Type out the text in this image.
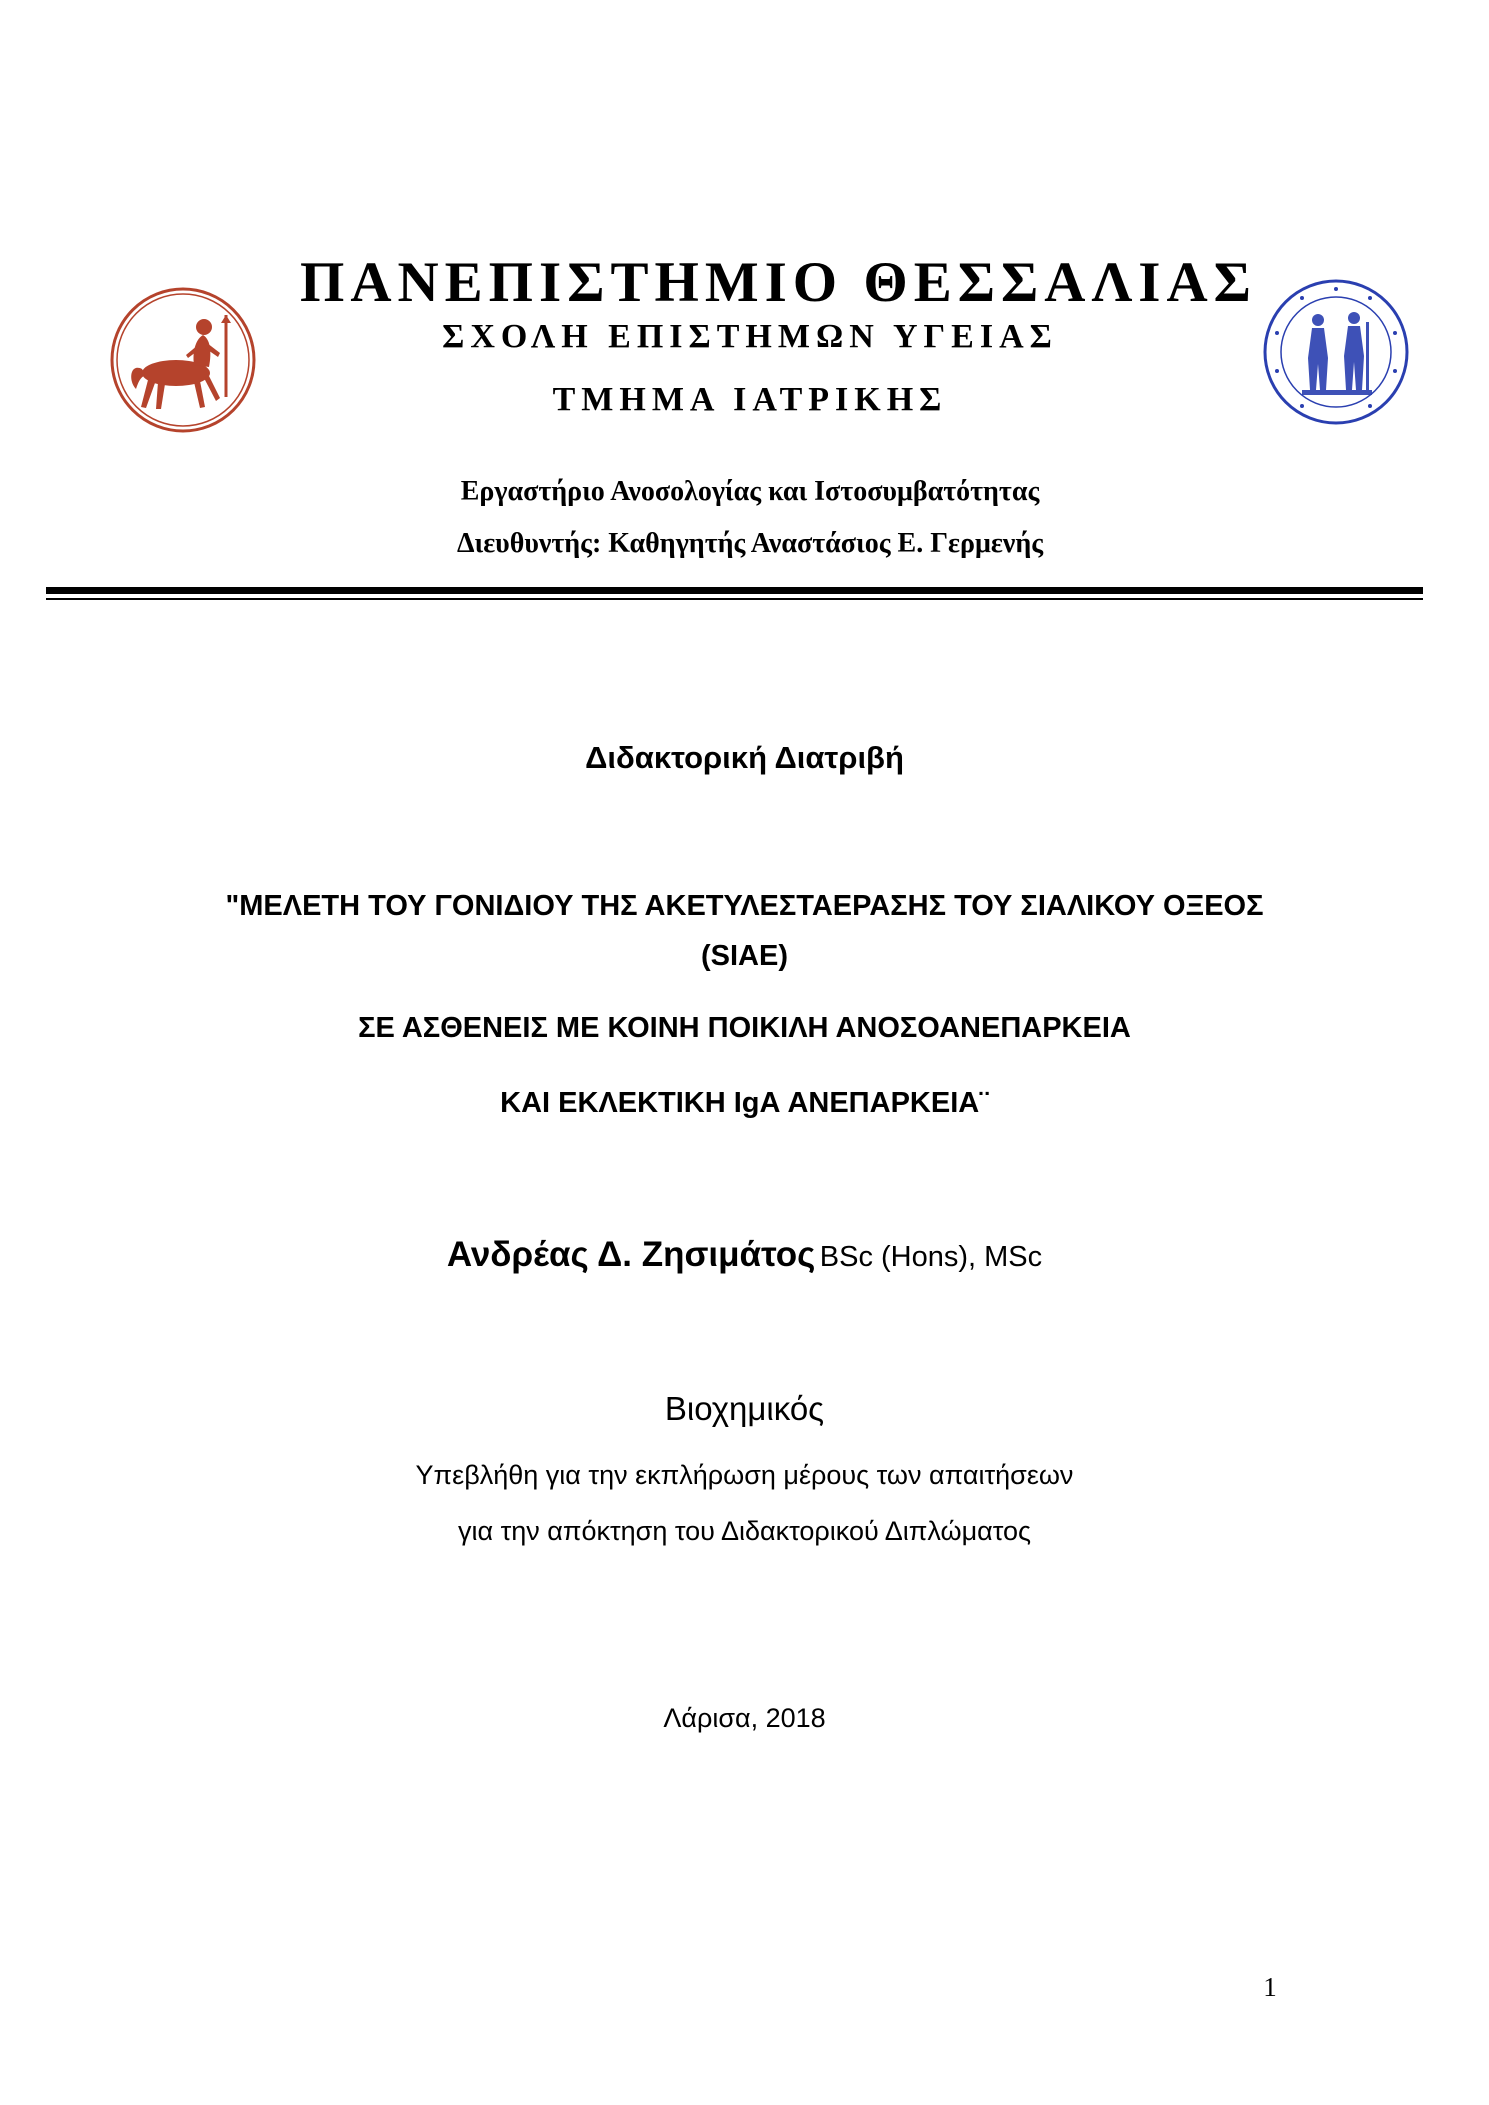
ΠΑΝΕΠΙΣΤΗΜΙΟ ΘΕΣΣΑΛΙΑΣ
ΣΧΟΛΗ ΕΠΙΣΤΗΜΩΝ ΥΓΕΙΑΣ
ΤΜΗΜΑ ΙΑΤΡΙΚΗΣ
Εργαστήριο Ανοσολογίας και Ιστοσυμβατότητας
Διευθυντής: Καθηγητής Αναστάσιος Ε. Γερμενής
Διδακτορική Διατριβή
"ΜΕΛΕΤΗ ΤΟΥ ΓΟΝΙΔΙΟΥ ΤΗΣ ΑΚΕΤΥΛΕΣΤΑΕΡΑΣΗΣ ΤΟΥ ΣΙΑΛΙΚΟΥ ΟΞΕΟΣ
(SIAE)
ΣΕ ΑΣΘΕΝΕΙΣ ΜΕ ΚΟΙΝΗ ΠΟΙΚΙΛΗ ΑΝΟΣΟΑΝΕΠΑΡΚΕΙΑ
ΚΑΙ ΕΚΛΕΚΤΙΚΗ IgA ΑΝΕΠΑΡΚΕΙΑ¨
Ανδρέας Δ. Ζησιμάτος BSc (Hons), MSc
Βιοχημικός
Υπεβλήθη για την εκπλήρωση μέρους των απαιτήσεων
για την απόκτηση του Διδακτορικού Διπλώματος
Λάρισα, 2018
1
